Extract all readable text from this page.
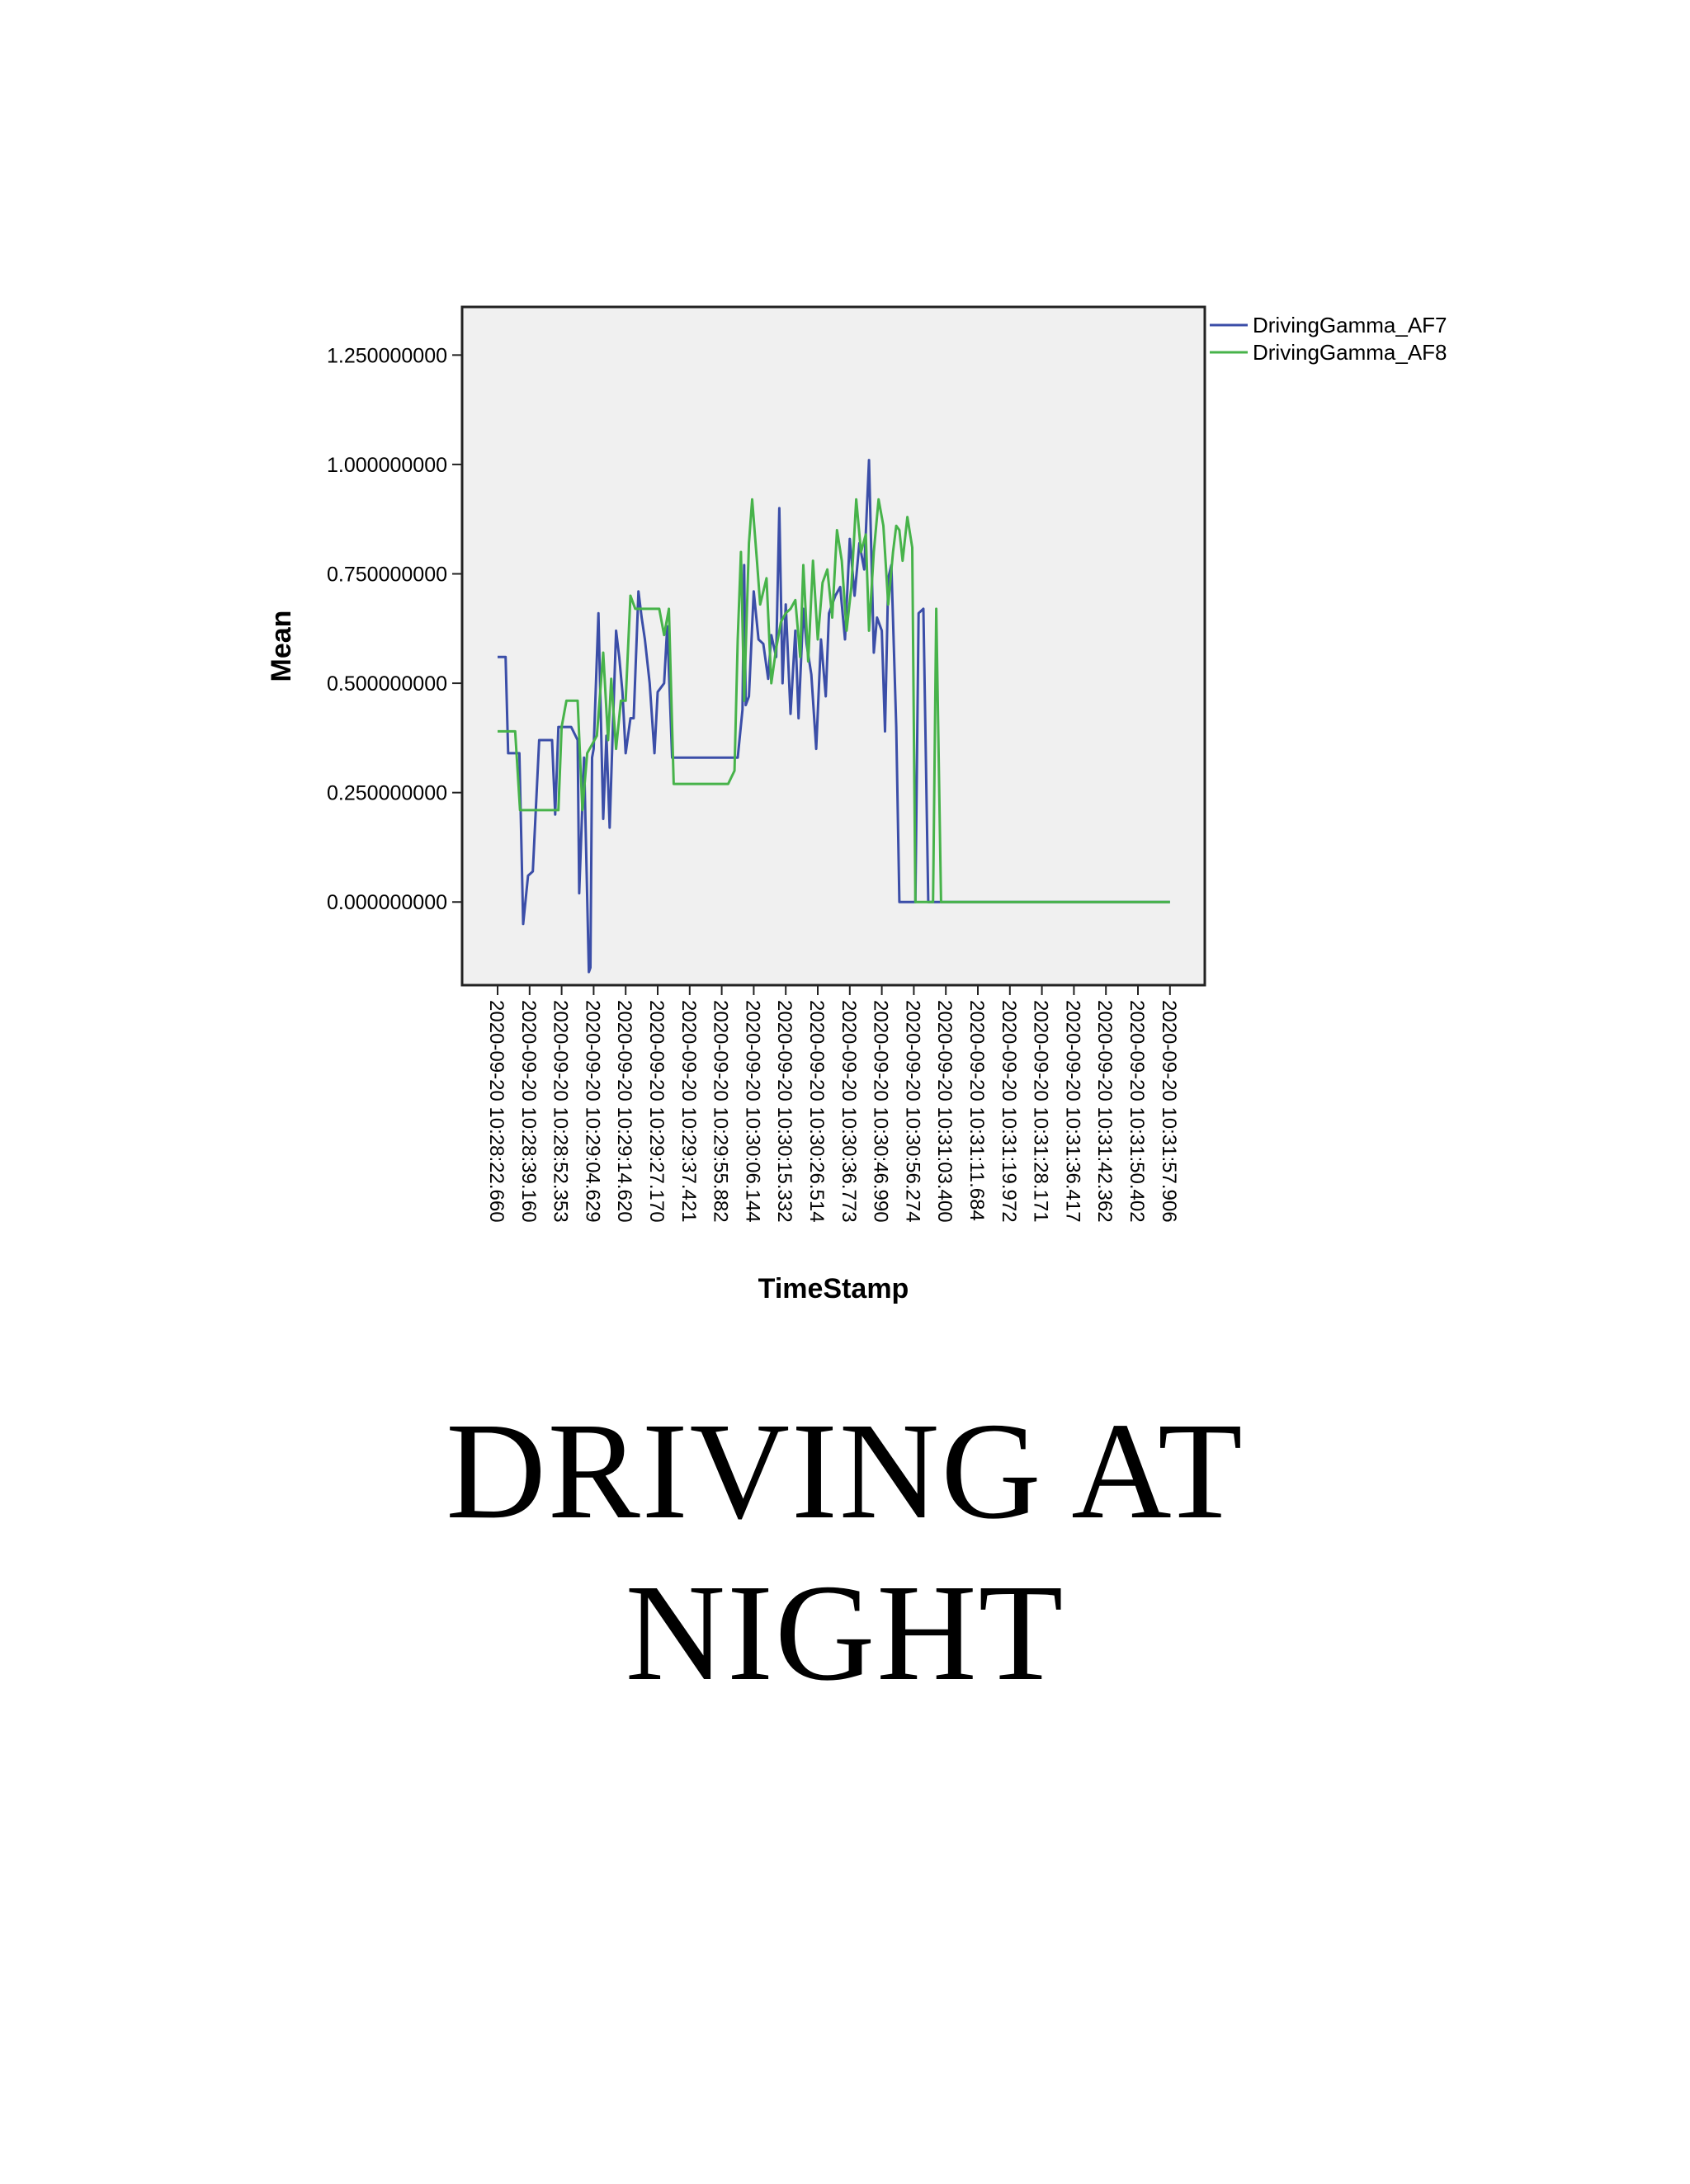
1.250000000
1.000000000
0.750000000
0.500000000
0.250000000
0.000000000
2020-09-20 10:28:22.660 2020-09-20 10:28:39.160 2020-09-20 10:28:52.353 2020-09-20 10:29:04.629 2020-09-20 10:29:14.620 2020-09-20 10:29:27.170 2020-09-20 10:29:37.421 2020-09-20 10:29:55.882 2020-09-20 10:30:06.144 2020-09-20 10:30:15.332 2020-09-20 10:30:26.514 2020-09-20 10:30:36.773 2020-09-20 10:30:46.990 2020-09-20 10:30:56.274 2020-09-20 10:31:03.400 2020-09-20 10:31:11.684 2020-09-20 10:31:19.972 2020-09-20 10:31:28.171 2020-09-20 10:31:36.417 2020-09-20 10:31:42.362 2020-09-20 10:31:50.402 2020-09-20 10:31:57.906
Mean
TimeStamp
DrivingGamma_AF7
DrivingGamma_AF8
DRIVING AT
NIGHT
